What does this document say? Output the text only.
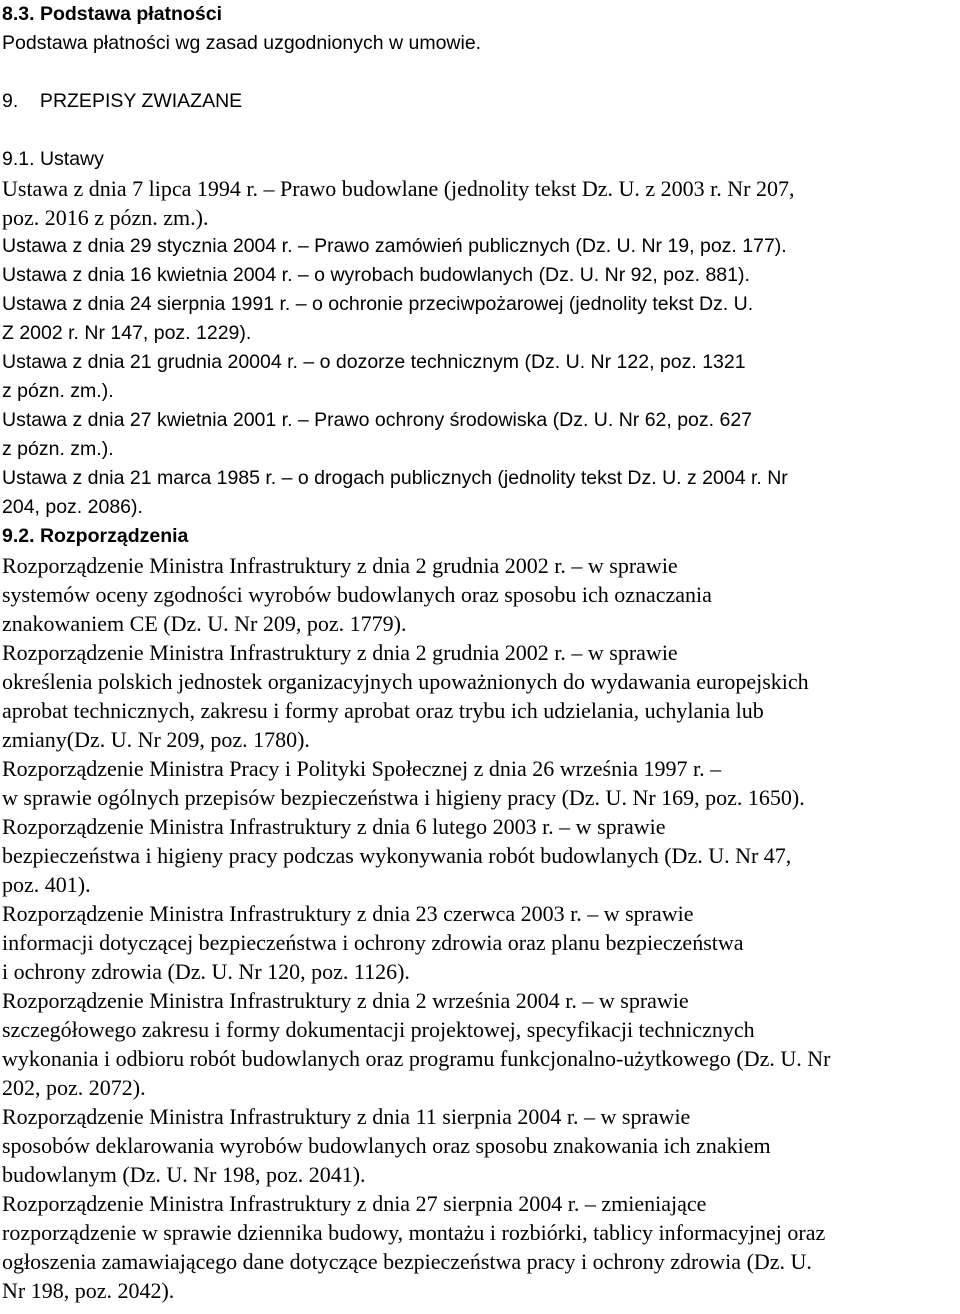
8.3. Podstawa płatności
Podstawa płatności wg zasad uzgodnionych w umowie.
9.    PRZEPISY ZWIAZANE
9.1. Ustawy
Ustawa z dnia 7 lipca 1994 r. – Prawo budowlane (jednolity tekst Dz. U. z 2003 r. Nr 207,
poz. 2016 z pózn. zm.).
Ustawa z dnia 29 stycznia 2004 r. – Prawo zamówień publicznych (Dz. U. Nr 19, poz. 177).
Ustawa z dnia 16 kwietnia 2004 r. – o wyrobach budowlanych (Dz. U. Nr 92, poz. 881).
Ustawa z dnia 24 sierpnia 1991 r. – o ochronie przeciwpożarowej (jednolity tekst Dz. U.
Z 2002 r. Nr 147, poz. 1229).
Ustawa z dnia 21 grudnia 20004 r. – o dozorze technicznym (Dz. U. Nr 122, poz. 1321
z pózn. zm.).
Ustawa z dnia 27 kwietnia 2001 r. – Prawo ochrony środowiska (Dz. U. Nr 62, poz. 627
z pózn. zm.).
Ustawa z dnia 21 marca 1985 r. – o drogach publicznych (jednolity tekst Dz. U. z 2004 r. Nr
204, poz. 2086).
9.2. Rozporządzenia
Rozporządzenie Ministra Infrastruktury z dnia 2 grudnia 2002 r. – w sprawie
systemów oceny zgodności wyrobów budowlanych oraz sposobu ich oznaczania
znakowaniem CE (Dz. U. Nr 209, poz. 1779).
Rozporządzenie Ministra Infrastruktury z dnia 2 grudnia 2002 r. – w sprawie
określenia polskich jednostek organizacyjnych upoważnionych do wydawania europejskich
aprobat technicznych, zakresu i formy aprobat oraz trybu ich udzielania, uchylania lub
zmiany(Dz. U. Nr 209, poz. 1780).
Rozporządzenie Ministra Pracy i Polityki Społecznej z dnia 26 września 1997 r. –
w sprawie ogólnych przepisów bezpieczeństwa i higieny pracy (Dz. U. Nr 169, poz. 1650).
Rozporządzenie Ministra Infrastruktury z dnia 6 lutego 2003 r. – w sprawie
bezpieczeństwa i higieny pracy podczas wykonywania robót budowlanych (Dz. U. Nr 47,
poz. 401).
Rozporządzenie Ministra Infrastruktury z dnia 23 czerwca 2003 r. – w sprawie
informacji dotyczącej bezpieczeństwa i ochrony zdrowia oraz planu bezpieczeństwa
i ochrony zdrowia (Dz. U. Nr 120, poz. 1126).
Rozporządzenie Ministra Infrastruktury z dnia 2 września 2004 r. – w sprawie
szczegółowego zakresu i formy dokumentacji projektowej, specyfikacji technicznych
wykonania i odbioru robót budowlanych oraz programu funkcjonalno-użytkowego (Dz. U. Nr
202, poz. 2072).
Rozporządzenie Ministra Infrastruktury z dnia 11 sierpnia 2004 r. – w sprawie
sposobów deklarowania wyrobów budowlanych oraz sposobu znakowania ich znakiem
budowlanym (Dz. U. Nr 198, poz. 2041).
Rozporządzenie Ministra Infrastruktury z dnia 27 sierpnia 2004 r. – zmieniające
rozporządzenie w sprawie dziennika budowy, montażu i rozbiórki, tablicy informacyjnej oraz
ogłoszenia zamawiającego dane dotyczące bezpieczeństwa pracy i ochrony zdrowia (Dz. U.
Nr 198, poz. 2042).
